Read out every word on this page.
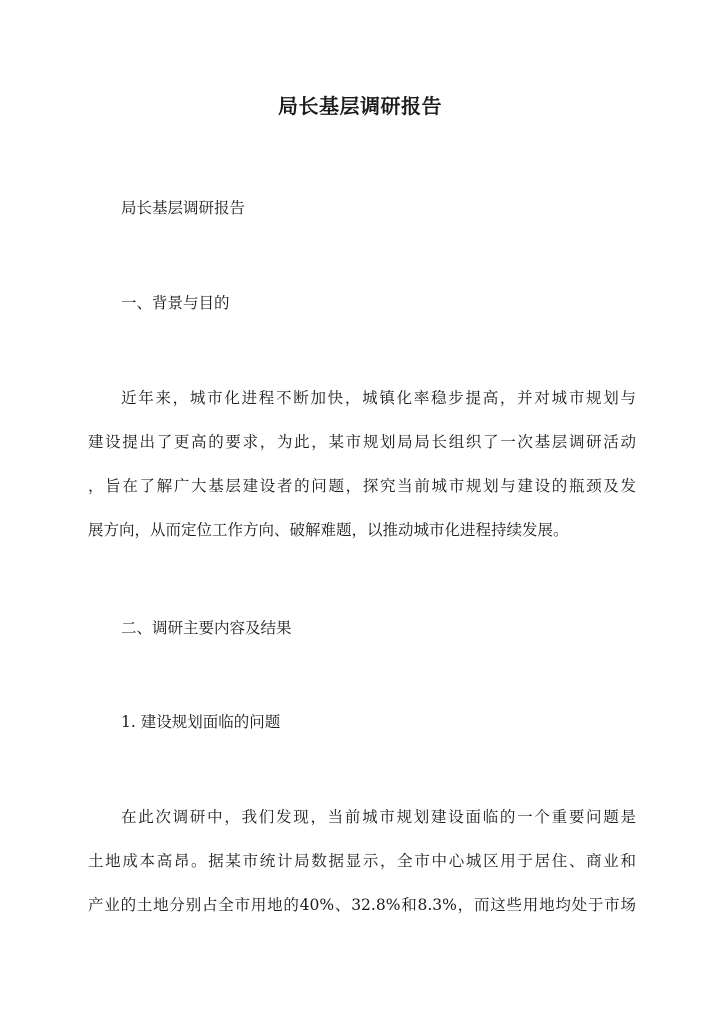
局长基层调研报告
局长基层调研报告
一、背景与目的
近年来，城市化进程不断加快，城镇化率稳步提高，并对城市规划与
建设提出了更高的要求，为此，某市规划局局长组织了一次基层调研活动
，旨在了解广大基层建设者的问题，探究当前城市规划与建设的瓶颈及发
展方向，从而定位工作方向、破解难题，以推动城市化进程持续发展。
二、调研主要内容及结果
1. 建设规划面临的问题
在此次调研中，我们发现，当前城市规划建设面临的一个重要问题是
土地成本高昂。据某市统计局数据显示，全市中心城区用于居住、商业和
产业的土地分别占全市用地的40%、32.8%和8.3%，而这些用地均处于市场
